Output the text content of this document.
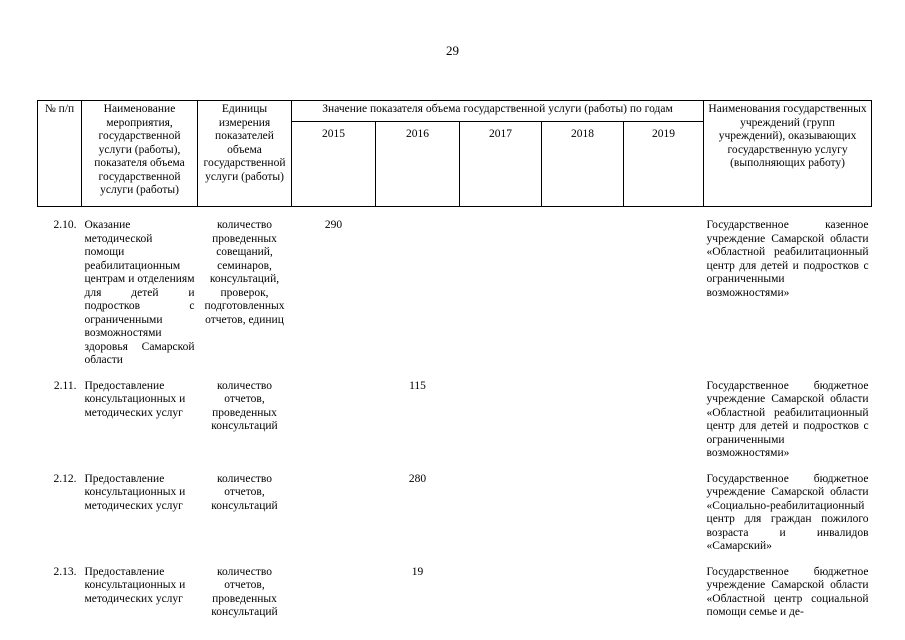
29
№ п/п	Наименование мероприятия, государственной услуги (работы), показателя объема государственной услуги (работы)	Единицы измерения показателей объема государственной услуги (работы)	Значение показателя объема государственной услуги (работы) по годам					Наименования государственных учреждений (групп учреждений), оказывающих государственную услугу (выполняющих работу)
			2015	2016	2017	2018	2019	

2.10.	Оказание методической помощи реабилитационным центрам и отделениям для детей и подростков с ограниченными возможностями здоровья Самарской области	количество проведенных совещаний, семинаров, консультаций, проверок, подготовленных отчетов, единиц	290					Государственное казенное учреждение Самарской области «Областной реабилитационный центр для детей и подростков с ограниченными возможностями»

2.11.	Предоставление консультационных и методических услуг	количество отчетов, проведенных консультаций		115				Государственное бюджетное учреждение Самарской области «Областной реабилитационный центр для детей и подростков с ограниченными возможностями»

2.12.	Предоставление консультационных и методических услуг	количество отчетов, консультаций		280				Государственное бюджетное учреждение Самарской области «Социально-реабилитационный центр для граждан пожилого возраста и инвалидов «Самарский»

2.13.	Предоставление консультационных и методических услуг	количество отчетов, проведенных консультаций		19				Государственное бюджетное учреждение Самарской области «Областной центр социальной помощи семье и де-
